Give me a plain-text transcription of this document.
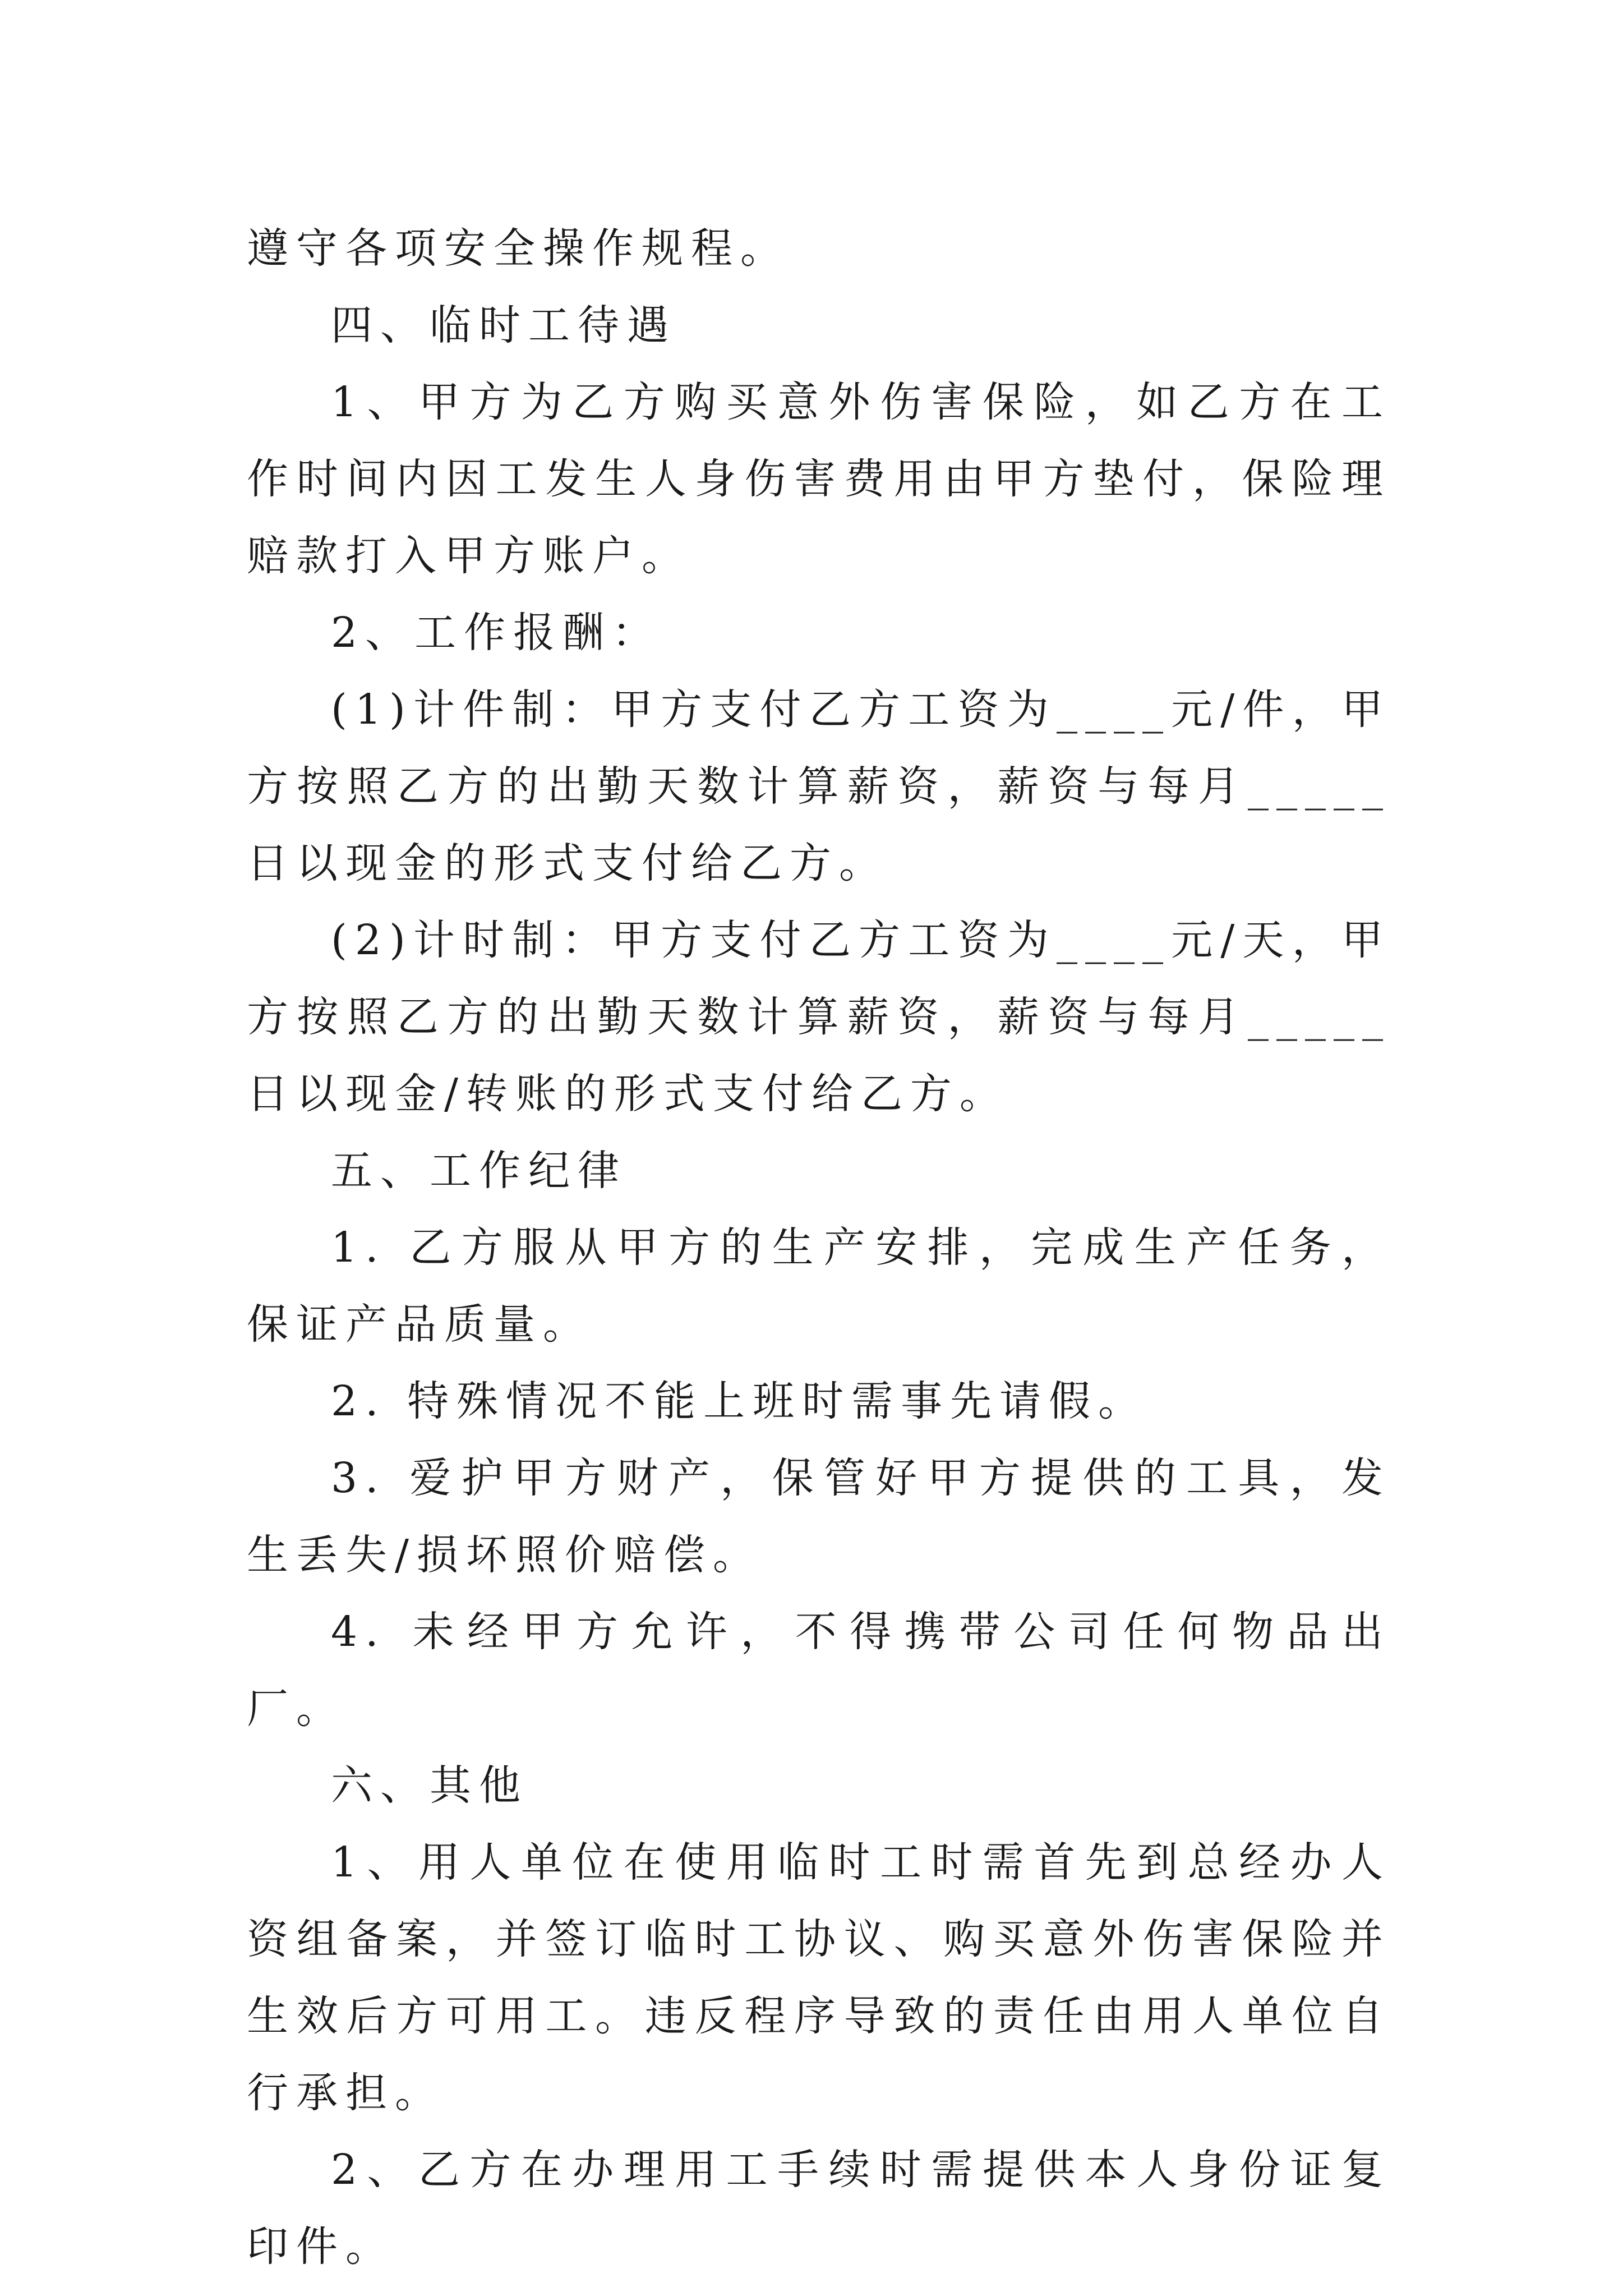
遵守各项安全操作规程。

四、临时工待遇

1、甲方为乙方购买意外伤害保险，如乙方在工作时间内因工发生人身伤害费用由甲方垫付，保险理赔款打入甲方账户。

2、工作报酬：

(1)计件制：甲方支付乙方工资为____元/件，甲方按照乙方的出勤天数计算薪资，薪资与每月_____日以现金的形式支付给乙方。

(2)计时制：甲方支付乙方工资为____元/天，甲方按照乙方的出勤天数计算薪资，薪资与每月_____日以现金/转账的形式支付给乙方。

五、工作纪律

1. 乙方服从甲方的生产安排，完成生产任务，保证产品质量。

2. 特殊情况不能上班时需事先请假。

3. 爱护甲方财产，保管好甲方提供的工具，发生丢失/损坏照价赔偿。

4. 未经甲方允许，不得携带公司任何物品出厂。

六、其他

1、用人单位在使用临时工时需首先到总经办人资组备案，并签订临时工协议、购买意外伤害保险并生效后方可用工。违反程序导致的责任由用人单位自行承担。

2、乙方在办理用工手续时需提供本人身份证复印件。
